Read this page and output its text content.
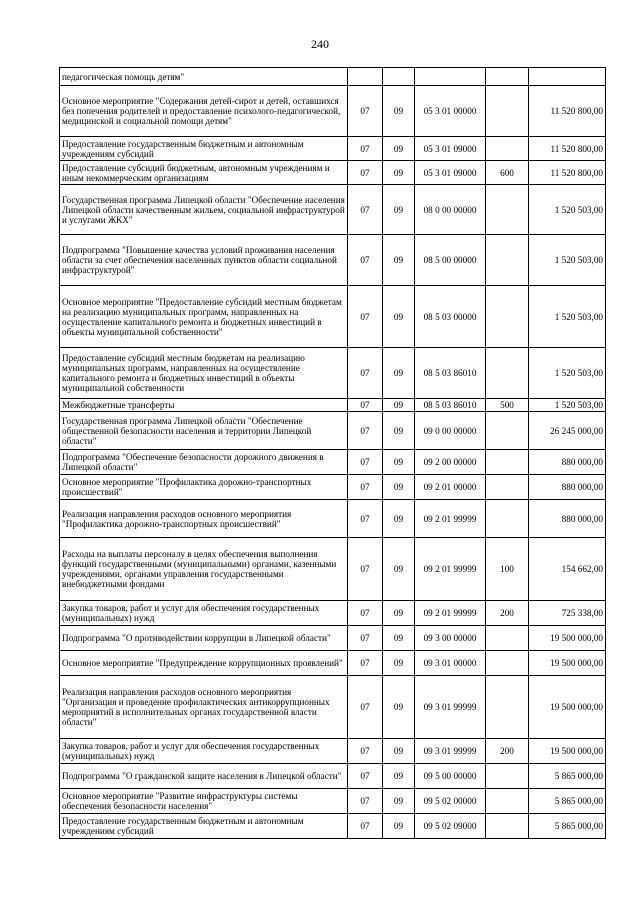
240
педагогическая помощь детям"					
Основное мероприятие "Содержания детей-сирот и детей, оставшихся без попечения родителей и предоставление психолого-педагогической, медицинской и социальной помощи детям"	07	09	05 3 01 00000		11 520 800,00
Предоставление государственным бюджетным и автономным учреждениям субсидий	07	09	05 3 01 09000		11 520 800,00
Предоставление субсидий бюджетным, автономным учреждениям и иным некоммерческим организациям	07	09	05 3 01 09000	600	11 520 800,00
Государственная программа Липецкой области "Обеспечение населения Липецкой области качественным жильем, социальной инфраструктурой и услугами ЖКХ"	07	09	08 0 00 00000		1 520 503,00
Подпрограмма "Повышение качества условий проживания населения области за счет обеспечения населенных пунктов области социальной инфраструктурой"	07	09	08 5 00 00000		1 520 503,00
Основное мероприятие "Предоставление субсидий местным бюджетам на реализацию муниципальных программ, направленных на осуществление капитального ремонта и бюджетных инвестиций в объекты муниципальной собственности"	07	09	08 5 03 00000		1 520 503,00
Предоставление субсидий местным бюджетам на реализацию муниципальных программ, направленных на осуществление капитального ремонта и бюджетных инвестиций в объекты муниципальной собственности	07	09	08 5 03 86010		1 520 503,00
Межбюджетные трансферты	07	09	08 5 03 86010	500	1 520 503,00
Государственная программа Липецкой области "Обеспечение общественной безопасности населения и территории Липецкой области"	07	09	09 0 00 00000		26 245 000,00
Подпрограмма "Обеспечение безопасности дорожного движения в Липецкой области"	07	09	09 2 00 00000		880 000,00
Основное мероприятие "Профилактика дорожно-транспортных происшествий"	07	09	09 2 01 00000		880 000,00
Реализация направления расходов основного мероприятия "Профилактика дорожно-транспортных происшествий"	07	09	09 2 01 99999		880 000,00
Расходы на выплаты персоналу в целях обеспечения выполнения функций государственными (муниципальными) органами, казенными учреждениями, органами управления государственными внебюджетными фондами	07	09	09 2 01 99999	100	154 662,00
Закупка товаров, работ и услуг для обеспечения государственных (муниципальных) нужд	07	09	09 2 01 99999	200	725 338,00
Подпрограмма "О противодействии коррупции в Липецкой области"	07	09	09 3 00 00000		19 500 000,00
Основное мероприятие "Предупреждение коррупционных проявлений"	07	09	09 3 01 00000		19 500 000,00
Реализация направления расходов основного мероприятия "Организация и проведение профилактических антикоррупционных мероприятий в исполнительных органах государственной власти области"	07	09	09 3 01 99999		19 500 000,00
Закупка товаров, работ и услуг для обеспечения государственных (муниципальных) нужд	07	09	09 3 01 99999	200	19 500 000,00
Подпрограмма "О гражданской защите населения в Липецкой области"	07	09	09 5 00 00000		5 865 000,00
Основное мероприятие "Развитие инфраструктуры системы обеспечения безопасности населения"	07	09	09 5 02 00000		5 865 000,00
Предоставление государственным бюджетным и автономным учреждениям субсидий	07	09	09 5 02 09000		5 865 000,00
